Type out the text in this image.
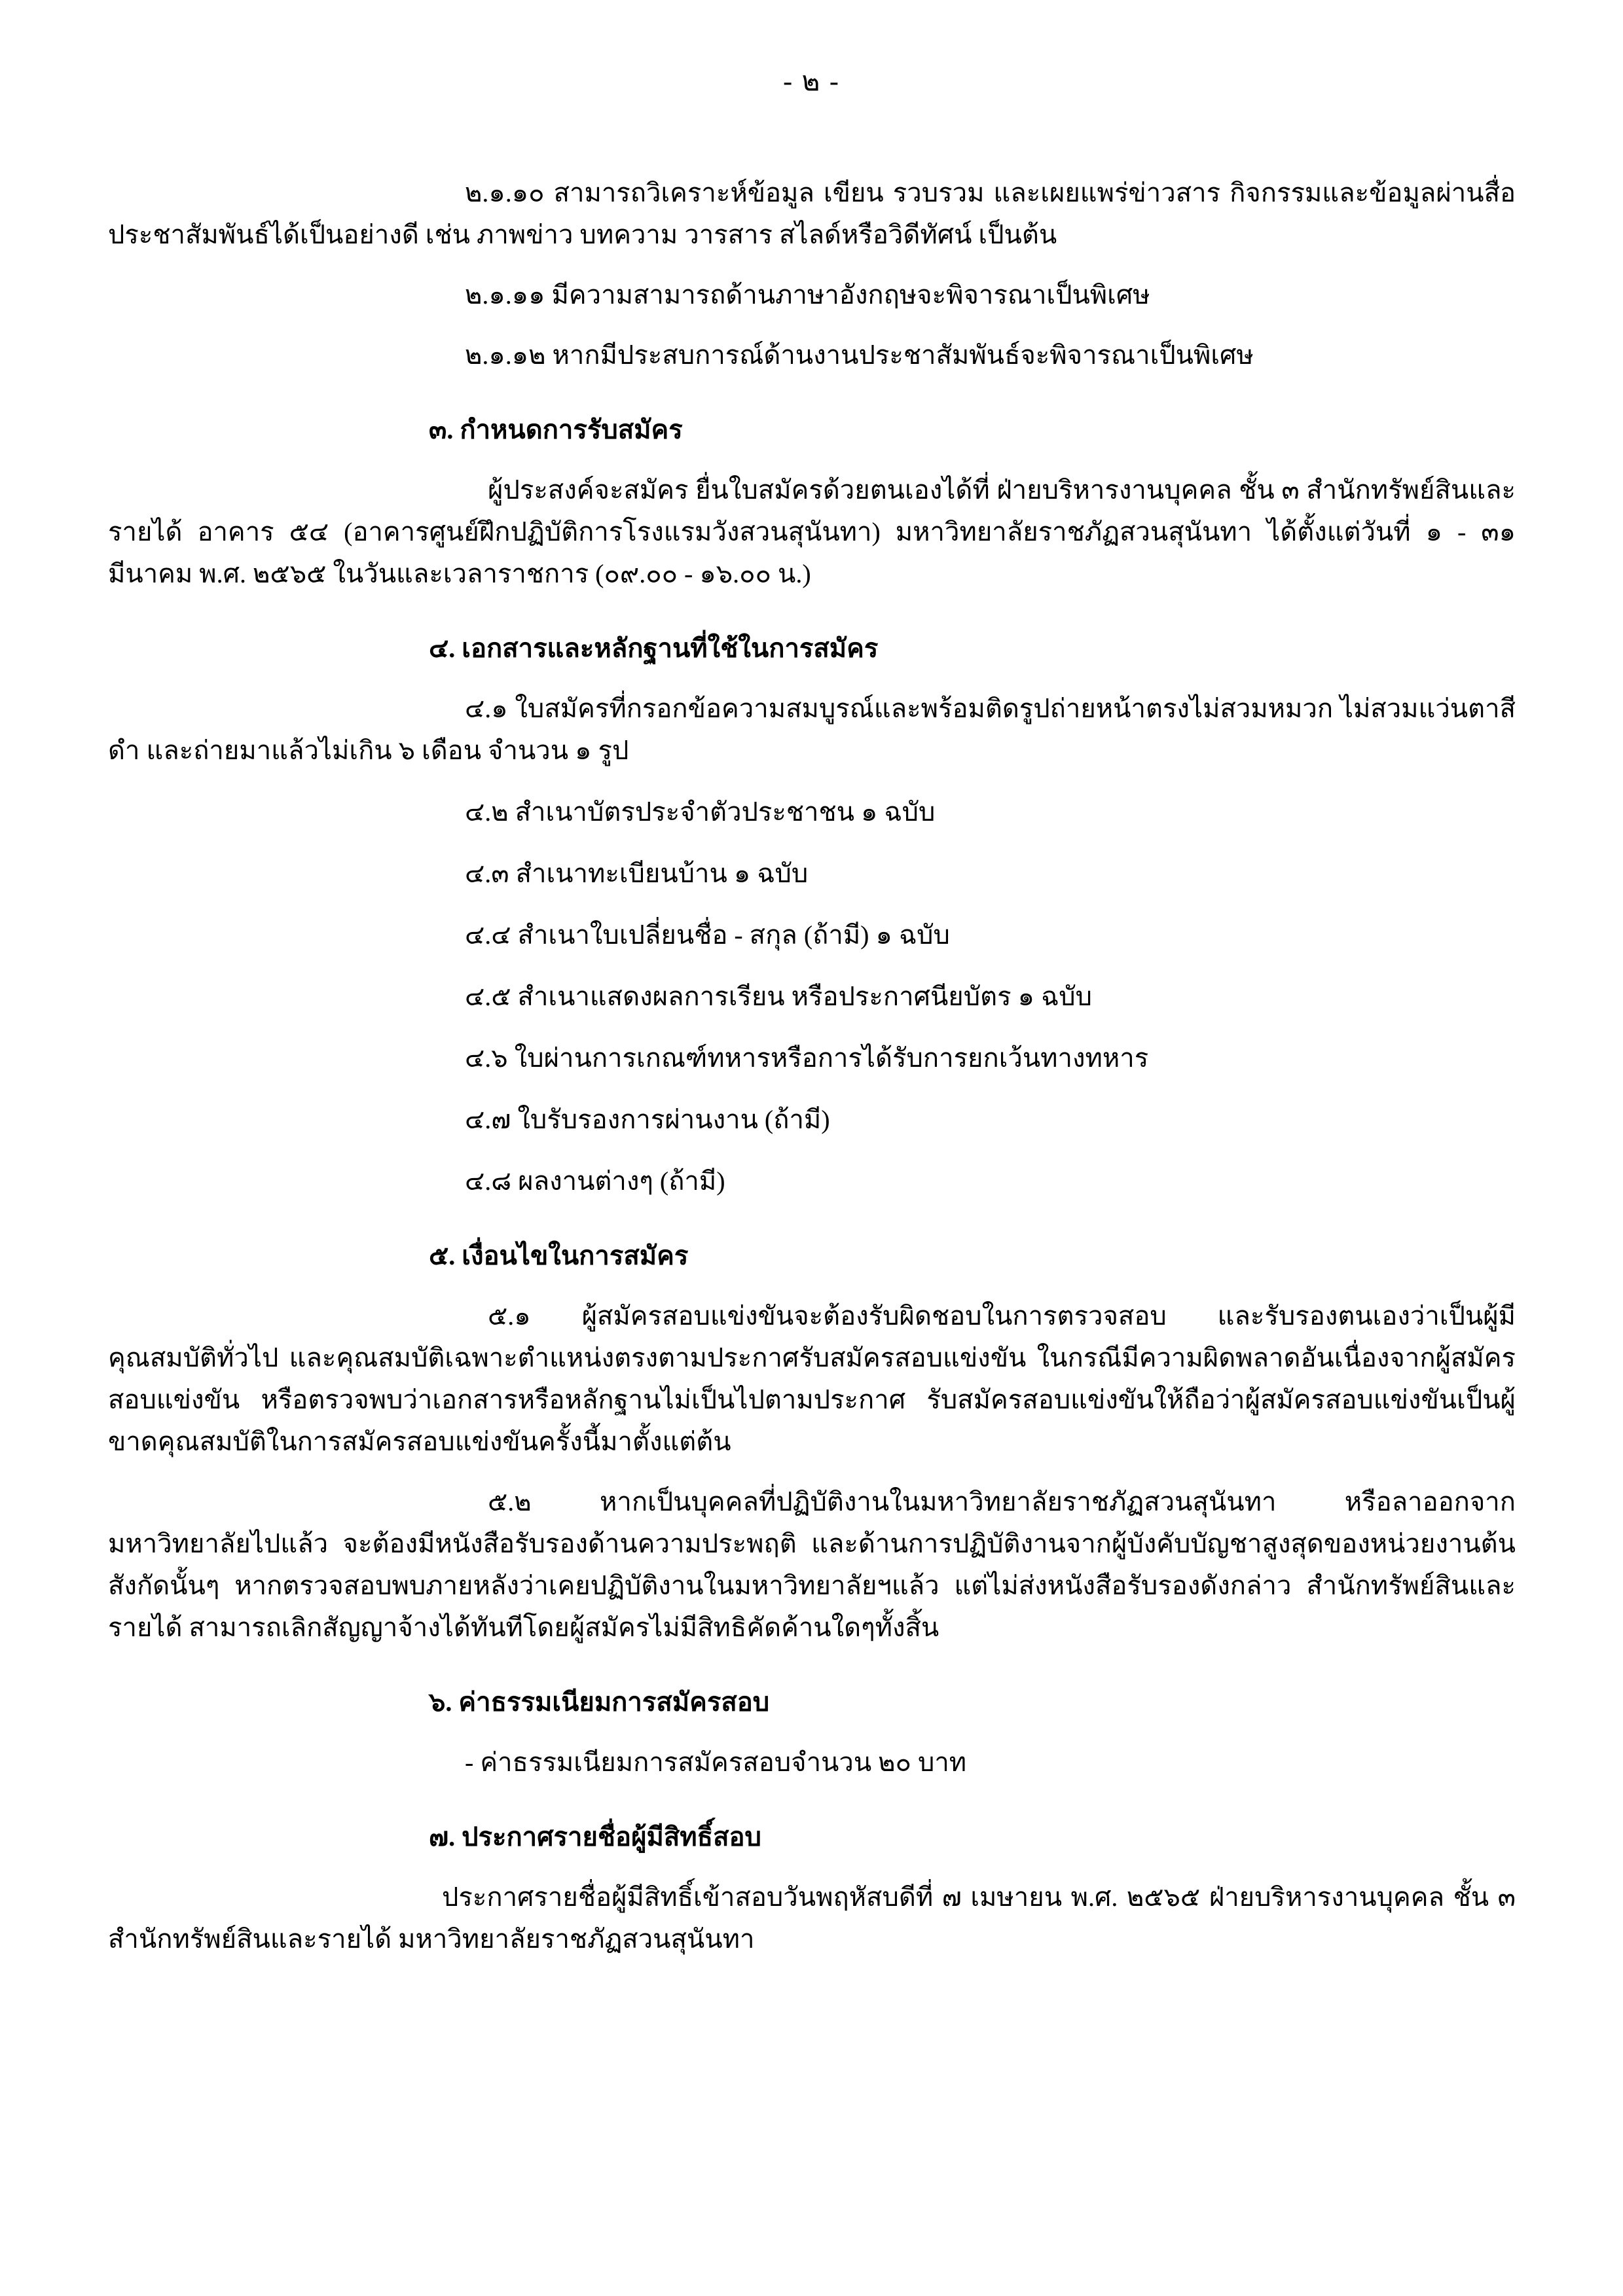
- ๒ -
๒.๑.๑๐ สามารถวิเคราะห์ข้อมูล เขียน รวบรวม และเผยแพร่ข่าวสาร กิจกรรมและข้อมูลผ่านสื่อประชาสัมพันธ์ได้เป็นอย่างดี เช่น ภาพข่าว บทความ วารสาร สไลด์หรือวิดีทัศน์ เป็นต้น
๒.๑.๑๑ มีความสามารถด้านภาษาอังกฤษจะพิจารณาเป็นพิเศษ
๒.๑.๑๒ หากมีประสบการณ์ด้านงานประชาสัมพันธ์จะพิจารณาเป็นพิเศษ
๓. กำหนดการรับสมัคร
ผู้ประสงค์จะสมัคร ยื่นใบสมัครด้วยตนเองได้ที่ ฝ่ายบริหารงานบุคคล ชั้น ๓ สำนักทรัพย์สินและรายได้ อาคาร ๕๔ (อาคารศูนย์ฝึกปฏิบัติการโรงแรมวังสวนสุนันทา) มหาวิทยาลัยราชภัฏสวนสุนันทา ได้ตั้งแต่วันที่ ๑ - ๓๑ มีนาคม พ.ศ. ๒๕๖๕ ในวันและเวลาราชการ (๐๙.๐๐ - ๑๖.๐๐ น.)
๔. เอกสารและหลักฐานที่ใช้ในการสมัคร
๔.๑ ใบสมัครที่กรอกข้อความสมบูรณ์และพร้อมติดรูปถ่ายหน้าตรงไม่สวมหมวก ไม่สวมแว่นตาสีดำ และถ่ายมาแล้วไม่เกิน ๖ เดือน จำนวน ๑ รูป
๔.๒ สำเนาบัตรประจำตัวประชาชน ๑ ฉบับ
๔.๓ สำเนาทะเบียนบ้าน ๑ ฉบับ
๔.๔ สำเนาใบเปลี่ยนชื่อ - สกุล (ถ้ามี) ๑ ฉบับ
๔.๕ สำเนาแสดงผลการเรียน หรือประกาศนียบัตร ๑ ฉบับ
๔.๖ ใบผ่านการเกณฑ์ทหารหรือการได้รับการยกเว้นทางทหาร
๔.๗ ใบรับรองการผ่านงาน (ถ้ามี)
๔.๘ ผลงานต่างๆ (ถ้ามี)
๕. เงื่อนไขในการสมัคร
๕.๑ ผู้สมัครสอบแข่งขันจะต้องรับผิดชอบในการตรวจสอบ และรับรองตนเองว่าเป็นผู้มีคุณสมบัติทั่วไป และคุณสมบัติเฉพาะตำแหน่งตรงตามประกาศรับสมัครสอบแข่งขัน ในกรณีมีความผิดพลาดอันเนื่องจากผู้สมัครสอบแข่งขัน หรือตรวจพบว่าเอกสารหรือหลักฐานไม่เป็นไปตามประกาศ รับสมัครสอบแข่งขันให้ถือว่าผู้สมัครสอบแข่งขันเป็นผู้ขาดคุณสมบัติในการสมัครสอบแข่งขันครั้งนี้มาตั้งแต่ต้น
๕.๒ หากเป็นบุคคลที่ปฏิบัติงานในมหาวิทยาลัยราชภัฏสวนสุนันทา หรือลาออกจากมหาวิทยาลัยไปแล้ว จะต้องมีหนังสือรับรองด้านความประพฤติ และด้านการปฏิบัติงานจากผู้บังคับบัญชาสูงสุดของหน่วยงานต้นสังกัดนั้นๆ หากตรวจสอบพบภายหลังว่าเคยปฏิบัติงานในมหาวิทยาลัยฯแล้ว แต่ไม่ส่งหนังสือรับรองดังกล่าว สำนักทรัพย์สินและรายได้ สามารถเลิกสัญญาจ้างได้ทันทีโดยผู้สมัครไม่มีสิทธิคัดค้านใดๆทั้งสิ้น
๖. ค่าธรรมเนียมการสมัครสอบ
- ค่าธรรมเนียมการสมัครสอบจำนวน ๒๐ บาท
๗. ประกาศรายชื่อผู้มีสิทธิ์สอบ
ประกาศรายชื่อผู้มีสิทธิ์เข้าสอบวันพฤหัสบดีที่ ๗ เมษายน พ.ศ. ๒๕๖๕ ฝ่ายบริหารงานบุคคล ชั้น ๓ สำนักทรัพย์สินและรายได้ มหาวิทยาลัยราชภัฏสวนสุนันทา
